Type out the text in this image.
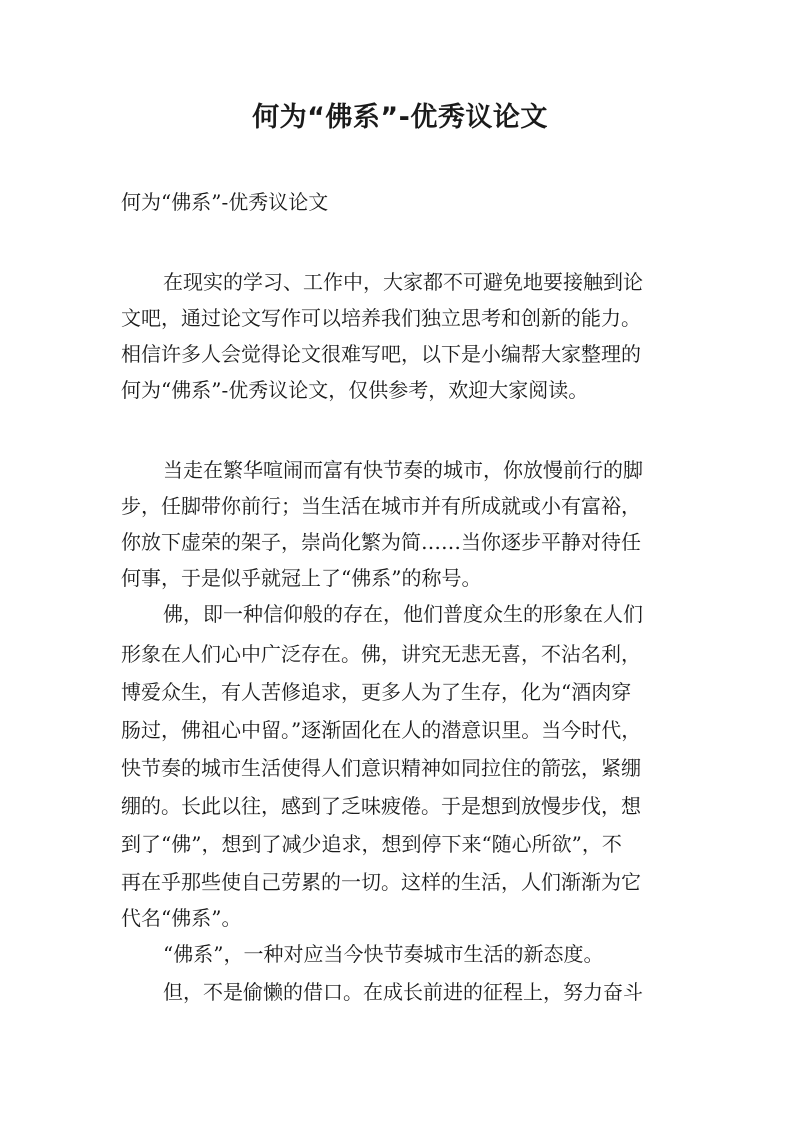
何为“佛系”-优秀议论文

何为“佛系”-优秀议论文

在现实的学习、工作中，大家都不可避免地要接触到论

文吧，通过论文写作可以培养我们独立思考和创新的能力。

相信许多人会觉得论文很难写吧，以下是小编帮大家整理的

何为“佛系”-优秀议论文，仅供参考，欢迎大家阅读。

当走在繁华喧闹而富有快节奏的城市，你放慢前行的脚

步，任脚带你前行；当生活在城市并有所成就或小有富裕，

你放下虚荣的架子，崇尚化繁为简……当你逐步平静对待任

何事，于是似乎就冠上了“佛系”的称号。

佛，即一种信仰般的存在，他们普度众生的形象在人们

形象在人们心中广泛存在。佛，讲究无悲无喜，不沾名利，

博爱众生，有人苦修追求，更多人为了生存，化为“酒肉穿

肠过，佛祖心中留。”逐渐固化在人的潜意识里。当今时代，

快节奏的城市生活使得人们意识精神如同拉住的箭弦，紧绷

绷的。长此以往，感到了乏味疲倦。于是想到放慢步伐，想

到了“佛”，想到了减少追求，想到停下来“随心所欲”，不

再在乎那些使自己劳累的一切。这样的生活，人们渐渐为它

代名“佛系”。

“佛系”，一种对应当今快节奏城市生活的新态度。

但，不是偷懒的借口。在成长前进的征程上，努力奋斗
